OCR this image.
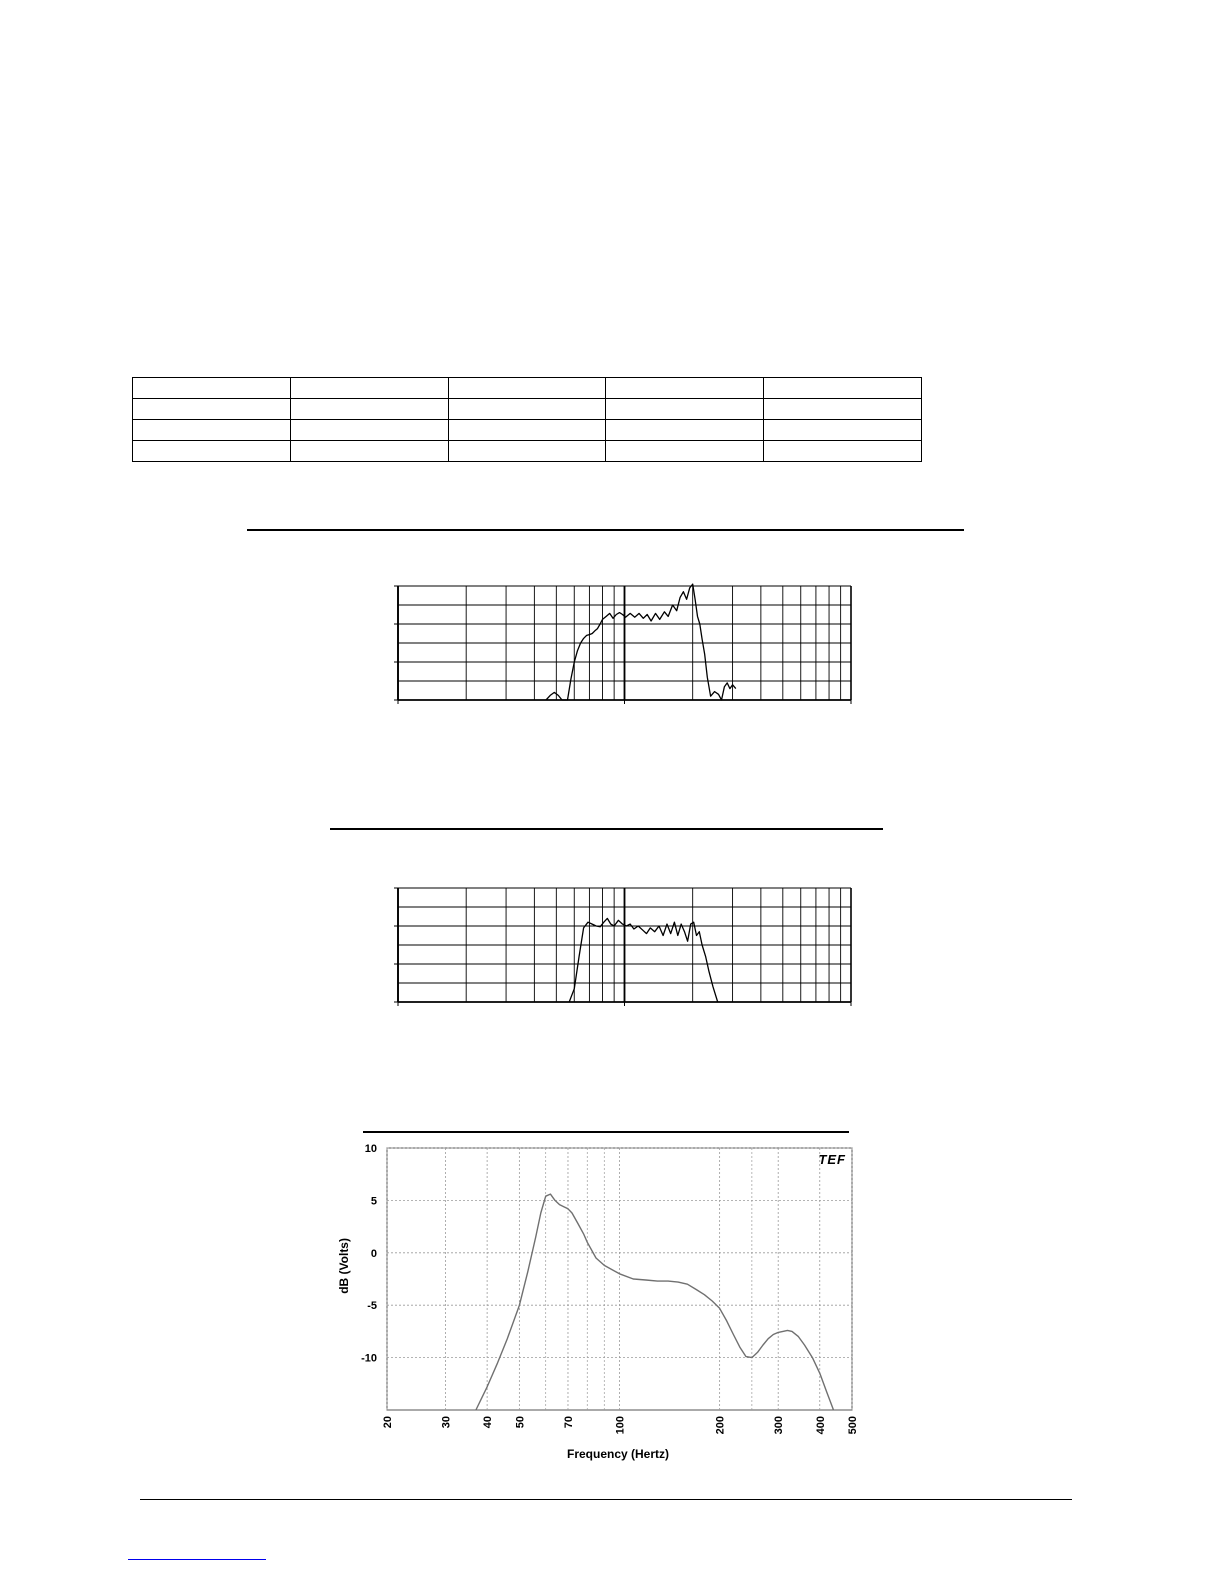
dB (Volts)
Frequency (Hertz)
20	30	40 50	70	100	200	300	400 500
10
5
0
-5
-10
TEF
